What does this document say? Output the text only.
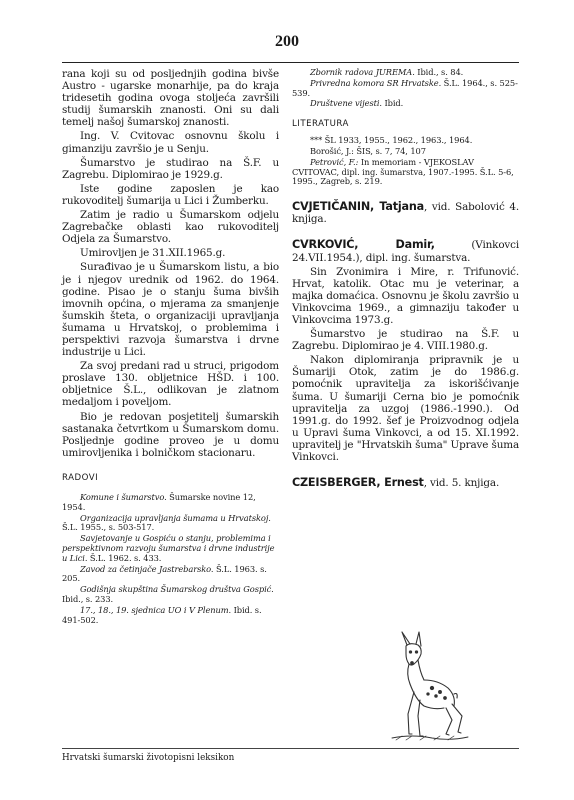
200

rana koji su od posljednjih godina bivše Austro - ugarske monarhije, pa do kraja tridesetih godina ovoga stoljeća završili studij šumarskih znanosti. Oni su dali temelj našoj šumarskoj znanosti.

Ing. V. Cvitovac osnovnu školu i gimanziju završio je u Senju.

Šumarstvo je studirao na Š.F. u Zagrebu. Diplomirao je 1929.g.

Iste godine zaposlen je kao rukovoditelj šumarija u Lici i Žumberku.

Zatim je radio u Šumarskom odjelu Zagrebačke oblasti kao rukovoditelj Odjela za Šumarstvo.

Umirovljen je 31.XII.1965.g.

Surađivao je u Šumarskom listu, a bio je i njegov urednik od 1962. do 1964. godine. Pisao je o stanju šuma bivših imovnih općina, o mjerama za smanjenje šumskih šteta, o organizaciji upravljanja šumama u Hrvatskoj, o problemima i perspektivi razvoja šumarstva i drvne industrije u Lici.

Za svoj predani rad u struci, prigodom proslave 130. obljetnice HŠD. i 100. obljetnice Š.L., odlikovan je zlatnom medaljom i poveljom.

Bio je redovan posjetitelj šumarskih sastanaka četvrtkom u Šumarskom domu. Posljednje godine proveo je u domu umirovljenika i bolničkom stacionaru.

RADOVI

Komune i šumarstvo. Šumarske novine 12, 1954.

Organizacija upravljanja šumama u Hrvatskoj. Š.L. 1955., s. 503-517.

Savjetovanje u Gospiću o stanju, problemima i perspektivnom razvoju šumarstva i drvne industrije u Lici. Š.L. 1962. s. 433.

Zavod za četinjače Jastrebarsko. Š.L. 1963. s. 205.

Godišnja skupština Šumarskog društva Gospić. Ibid., s. 233.

17., 18., 19. sjednica UO i V Plenum. Ibid. s. 491-502.

Zbornik radova JUREMA. Ibid., s. 84.

Privredna komora SR Hrvatske. Š.L. 1964., s. 525-539.

Društvene vijesti. Ibid.

LITERATURA

*** ŠL 1933, 1955., 1962., 1963., 1964.

Borošić, J.: ŠIS, s. 7, 74, 107

Petrović, F.: In memoriam - VJEKOSLAV CVITOVAC, dipl. ing. šumarstva, 1907.-1995. Š.L. 5-6, 1995., Zagreb, s. 219.

CVJETIČANIN, Tatjana, vid. Sabolović 4. knjiga.

CVRKOVIĆ, Damir, (Vinkovci 24.VII.1954.), dipl. ing. šumarstva.

Sin Zvonimira i Mire, r. Trifunović. Hrvat, katolik. Otac mu je veterinar, a majka domaćica. Osnovnu je školu završio u Vinkovcima 1969., a gimnaziju također u Vinkovcima 1973.g.

Šumarstvo je studirao na Š.F. u Zagrebu. Diplomirao je 4. VIII.1980.g.

Nakon diplomiranja pripravnik je u Šumariji Otok, zatim je do 1986.g. pomoćnik upravitelja za iskorišćivanje šuma. U šumariji Cerna bio je pomoćnik upravitelja za uzgoj (1986.-1990.). Od 1991.g. do 1992. šef je Proizvodnog odjela u Upravi šuma Vinkovci, a od 15. XI.1992. upravitelj je "Hrvatskih šuma" Uprave šuma Vinkovci.

CZEISBERGER, Ernest, vid. 5. knjiga.

Hrvatski šumarski životopisni leksikon
